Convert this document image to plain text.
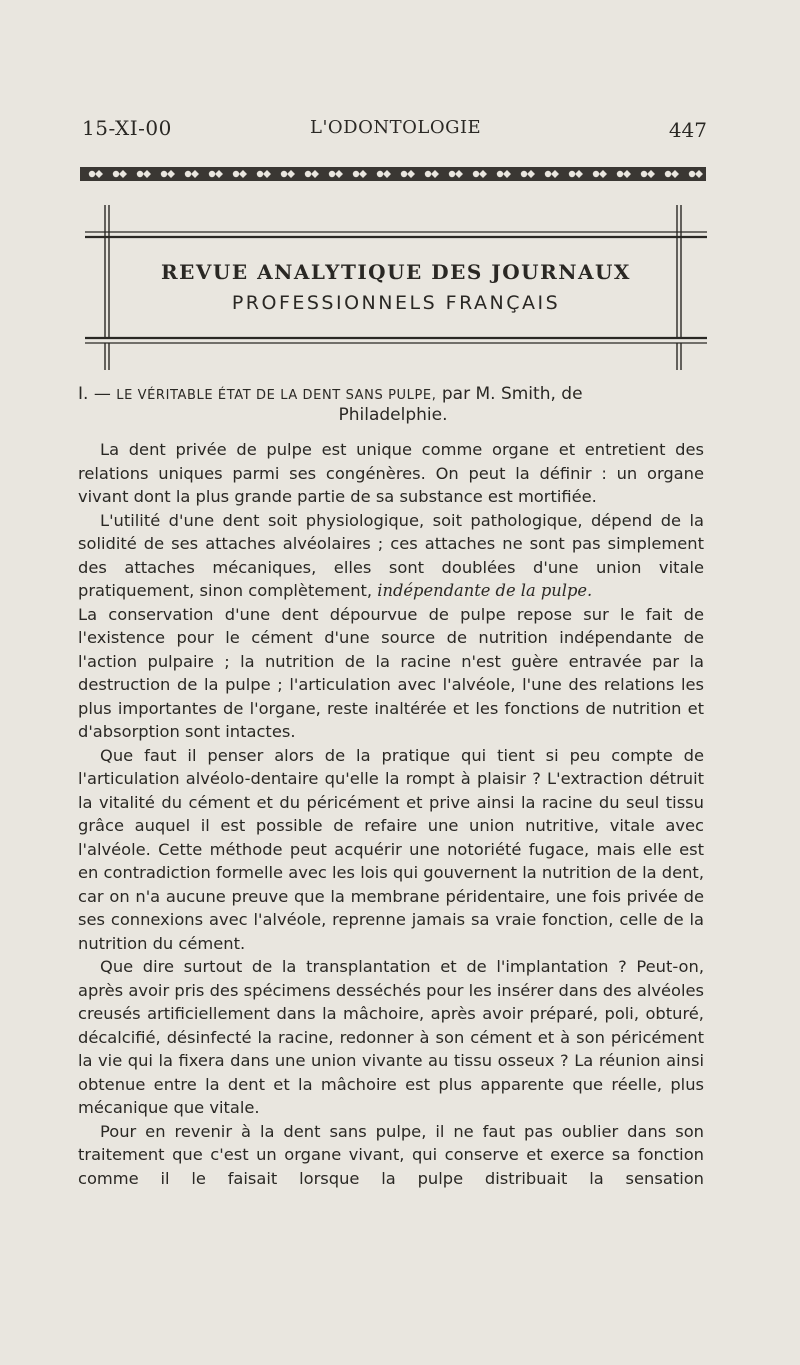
15-XI-00	L'ODONTOLOGIE	447
REVUE ANALYTIQUE DES JOURNAUX
PROFESSIONNELS FRANÇAIS
I. — LE VÉRITABLE ÉTAT DE LA DENT SANS PULPE, par M. Smith, de
Philadelphie.

La dent privée de pulpe est unique comme organe et entretient des relations uniques parmi ses congénères. On peut la définir : un organe vivant dont la plus grande partie de sa substance est mortifiée.

L'utilité d'une dent soit physiologique, soit pathologique, dépend de la solidité de ses attaches alvéolaires ; ces attaches ne sont pas simplement des attaches mécaniques, elles sont doublées d'une union vitale pratiquement, sinon complètement, indépendante de la pulpe.

La conservation d'une dent dépourvue de pulpe repose sur le fait de l'existence pour le cément d'une source de nutrition indépendante de l'action pulpaire ; la nutrition de la racine n'est guère entravée par la destruction de la pulpe ; l'articulation avec l'alvéole, l'une des relations les plus importantes de l'organe, reste inaltérée et les fonctions de nutrition et d'absorption sont intactes.

Que faut il penser alors de la pratique qui tient si peu compte de l'articulation alvéolo-dentaire qu'elle la rompt à plaisir ? L'extraction détruit la vitalité du cément et du péricément et prive ainsi la racine du seul tissu grâce auquel il est possible de refaire une union nutritive, vitale avec l'alvéole. Cette méthode peut acquérir une notoriété fugace, mais elle est en contradiction formelle avec les lois qui gouvernent la nutrition de la dent, car on n'a aucune preuve que la membrane péridentaire, une fois privée de ses connexions avec l'alvéole, reprenne jamais sa vraie fonction, celle de la nutrition du cément.

Que dire surtout de la transplantation et de l'implantation ? Peut-on, après avoir pris des spécimens desséchés pour les insérer dans des alvéoles creusés artificiellement dans la mâchoire, après avoir préparé, poli, obturé, décalcifié, désinfecté la racine, redonner à son cément et à son péricément la vie qui la fixera dans une union vivante au tissu osseux ? La réunion ainsi obtenue entre la dent et la mâchoire est plus apparente que réelle, plus mécanique que vitale.

Pour en revenir à la dent sans pulpe, il ne faut pas oublier dans son traitement que c'est un organe vivant, qui conserve et exerce sa fonction comme il le faisait lorsque la pulpe distribuait la sensation
